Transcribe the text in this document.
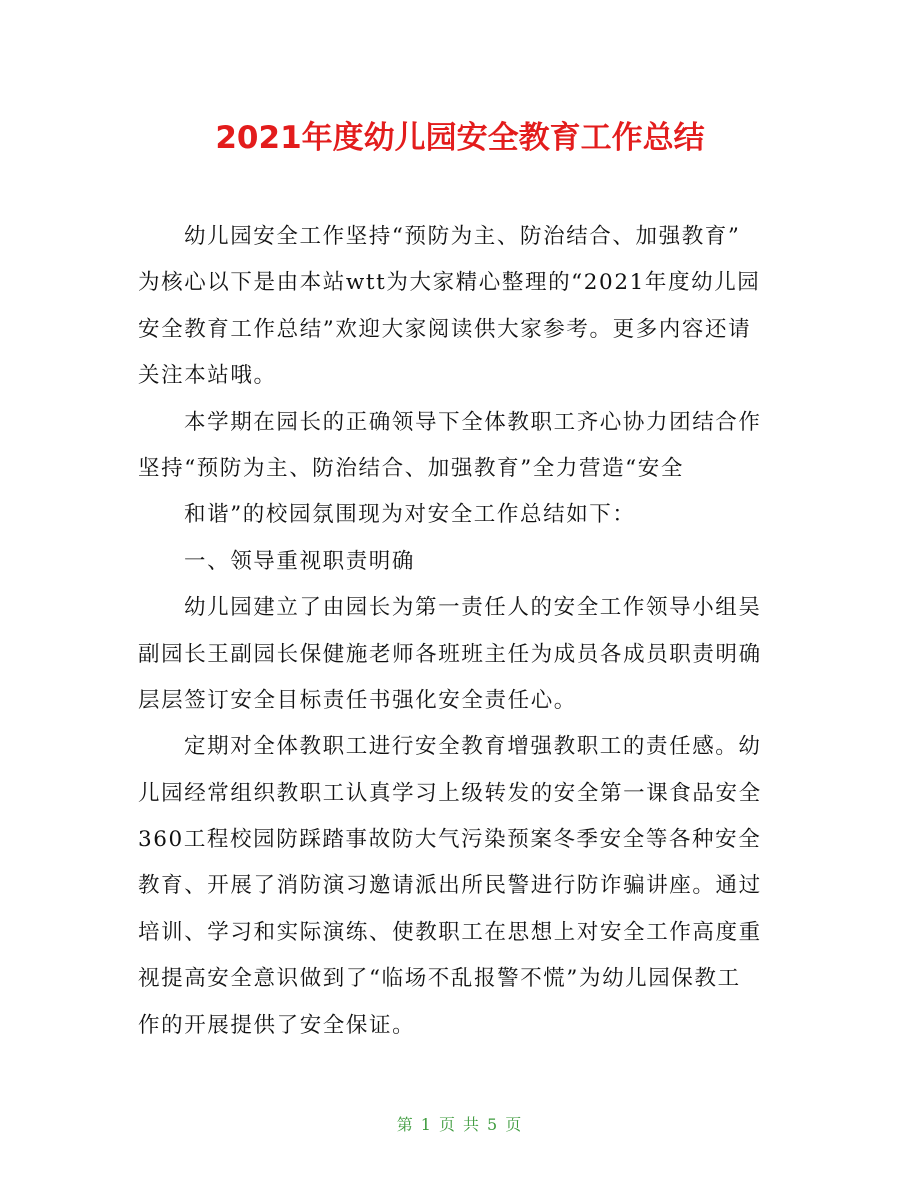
2021年度幼儿园安全教育工作总结
幼儿园安全工作坚持“预防为主、防治结合、加强教育”
为核心以下是由本站wtt为大家精心整理的“2021年度幼儿园
安全教育工作总结”欢迎大家阅读供大家参考。更多内容还请
关注本站哦。
本学期在园长的正确领导下全体教职工齐心协力团结合作
坚持“预防为主、防治结合、加强教育”全力营造“安全
和谐”的校园氛围现为对安全工作总结如下：
一、领导重视职责明确
幼儿园建立了由园长为第一责任人的安全工作领导小组吴
副园长王副园长保健施老师各班班主任为成员各成员职责明确
层层签订安全目标责任书强化安全责任心。
定期对全体教职工进行安全教育增强教职工的责任感。幼
儿园经常组织教职工认真学习上级转发的安全第一课食品安全
360工程校园防踩踏事故防大气污染预案冬季安全等各种安全
教育、开展了消防演习邀请派出所民警进行防诈骗讲座。通过
培训、学习和实际演练、使教职工在思想上对安全工作高度重
视提高安全意识做到了“临场不乱报警不慌”为幼儿园保教工
作的开展提供了安全保证。
第 1 页 共 5 页
